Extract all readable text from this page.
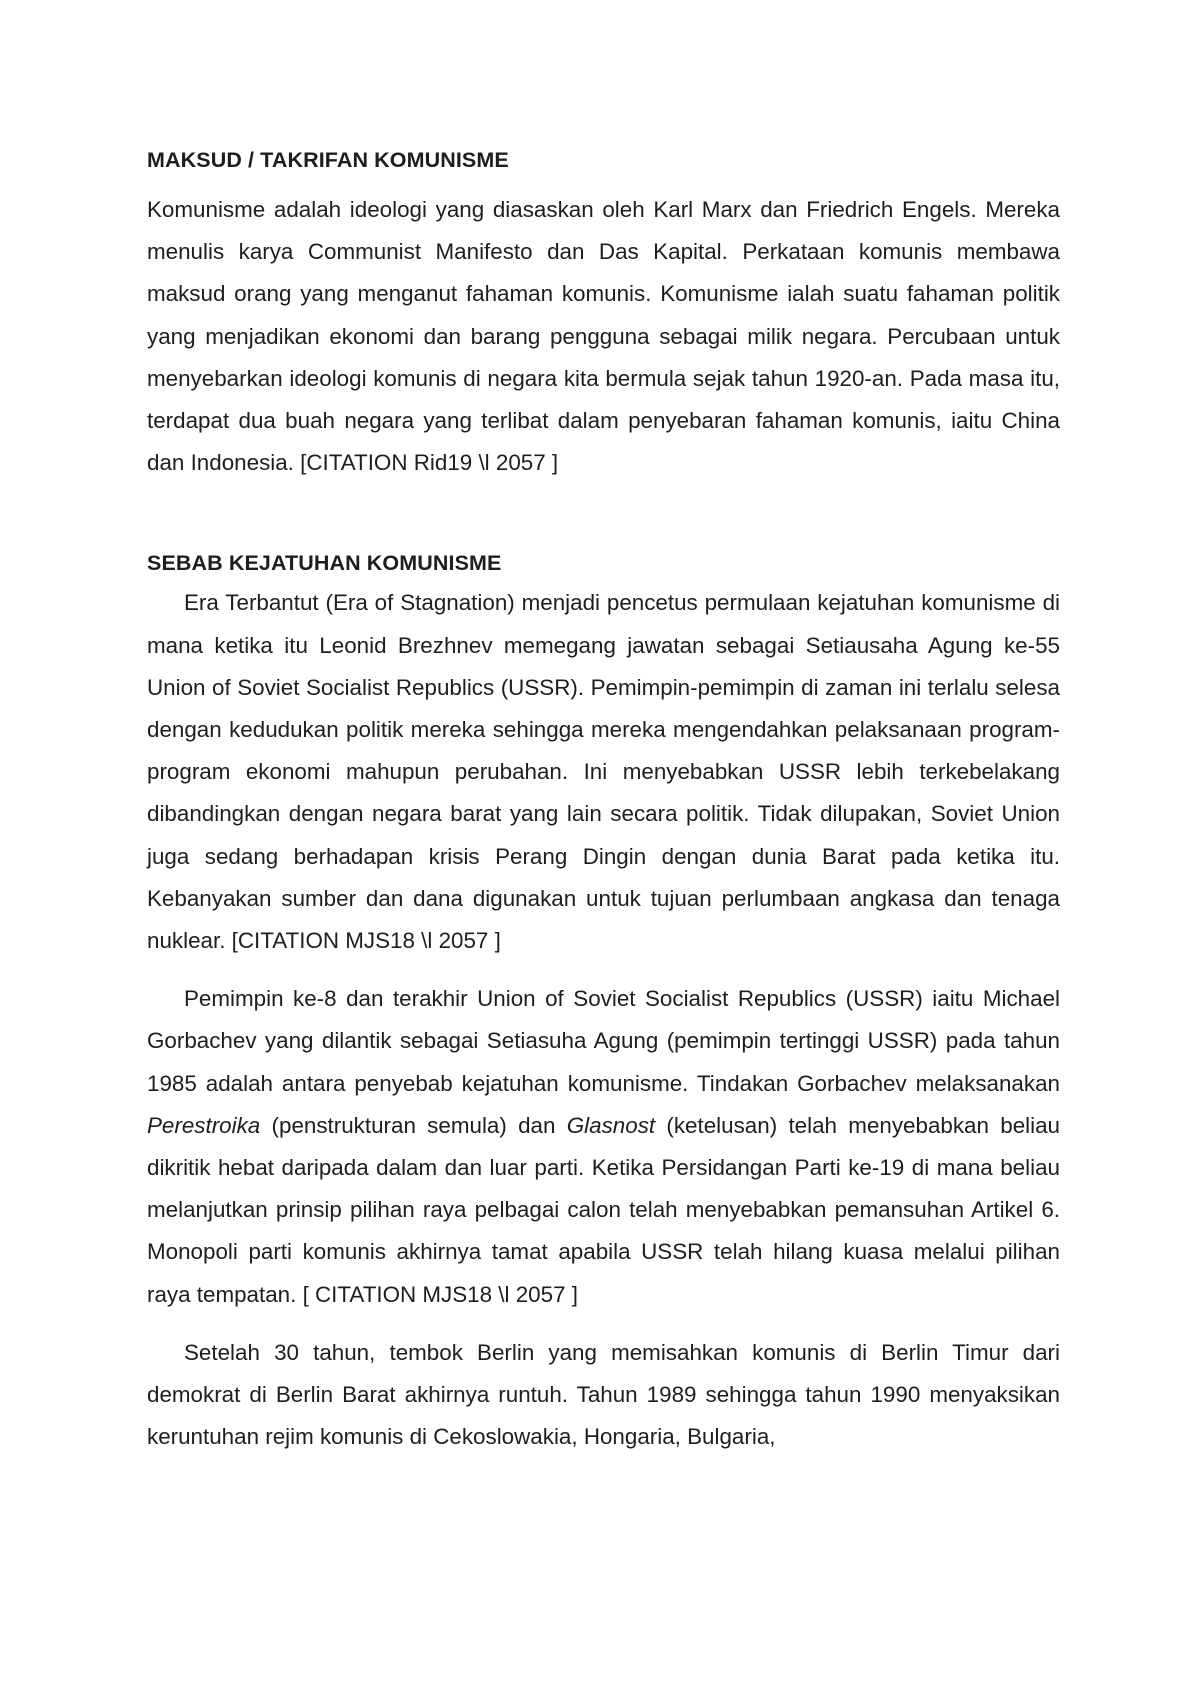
MAKSUD / TAKRIFAN KOMUNISME

Komunisme adalah ideologi yang diasaskan oleh Karl Marx dan Friedrich Engels. Mereka menulis karya Communist Manifesto dan Das Kapital. Perkataan komunis membawa maksud orang yang menganut fahaman komunis. Komunisme ialah suatu fahaman politik yang menjadikan ekonomi dan barang pengguna sebagai milik negara. Percubaan untuk menyebarkan ideologi komunis di negara kita bermula sejak tahun 1920-an. Pada masa itu, terdapat dua buah negara yang terlibat dalam penyebaran fahaman komunis, iaitu China dan Indonesia. [CITATION Rid19 \l 2057 ]

SEBAB KEJATUHAN KOMUNISME

Era Terbantut (Era of Stagnation) menjadi pencetus permulaan kejatuhan komunisme di mana ketika itu Leonid Brezhnev memegang jawatan sebagai Setiausaha Agung ke-55 Union of Soviet Socialist Republics (USSR). Pemimpin-pemimpin di zaman ini terlalu selesa dengan kedudukan politik mereka sehingga mereka mengendahkan pelaksanaan program-program ekonomi mahupun perubahan. Ini menyebabkan USSR lebih terkebelakang dibandingkan dengan negara barat yang lain secara politik. Tidak dilupakan, Soviet Union juga sedang berhadapan krisis Perang Dingin dengan dunia Barat pada ketika itu. Kebanyakan sumber dan dana digunakan untuk tujuan perlumbaan angkasa dan tenaga nuklear. [CITATION MJS18 \l 2057 ]

Pemimpin ke-8 dan terakhir Union of Soviet Socialist Republics (USSR) iaitu Michael Gorbachev yang dilantik sebagai Setiasuha Agung (pemimpin tertinggi USSR) pada tahun 1985 adalah antara penyebab kejatuhan komunisme. Tindakan Gorbachev melaksanakan Perestroika (penstrukturan semula) dan Glasnost (ketelusan) telah menyebabkan beliau dikritik hebat daripada dalam dan luar parti. Ketika Persidangan Parti ke-19 di mana beliau melanjutkan prinsip pilihan raya pelbagai calon telah menyebabkan pemansuhan Artikel 6. Monopoli parti komunis akhirnya tamat apabila USSR telah hilang kuasa melalui pilihan raya tempatan. [ CITATION MJS18 \l 2057 ]

Setelah 30 tahun, tembok Berlin yang memisahkan komunis di Berlin Timur dari demokrat di Berlin Barat akhirnya runtuh. Tahun 1989 sehingga tahun 1990 menyaksikan keruntuhan rejim komunis di Cekoslowakia, Hongaria, Bulgaria,
